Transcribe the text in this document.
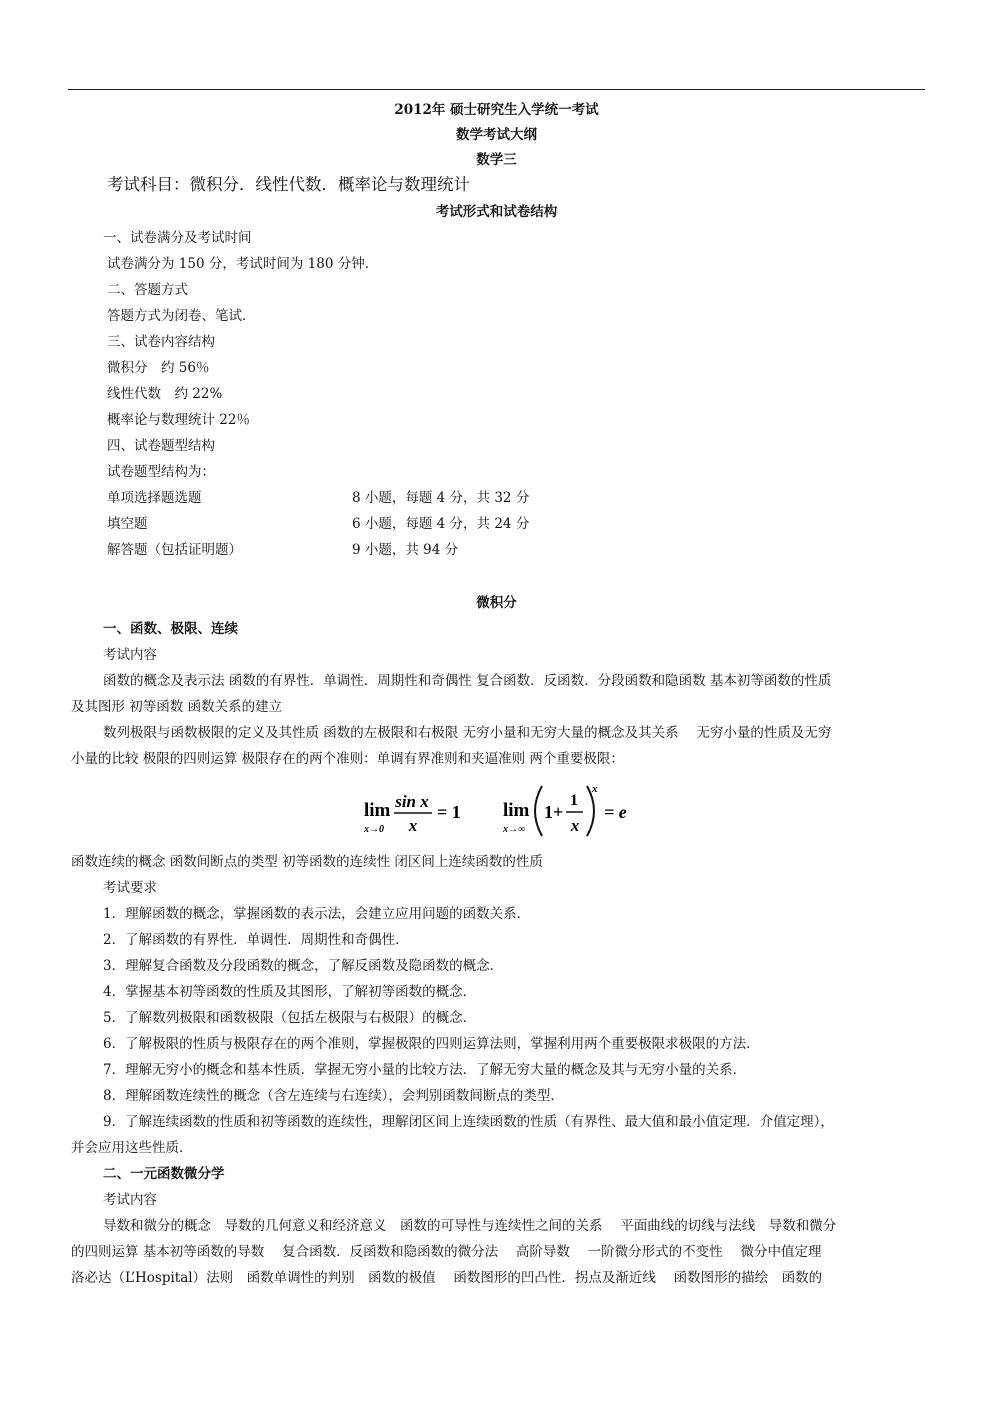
2012年 硕士研究生入学统一考试
数学考试大纲
数学三
考试科目：微积分．线性代数．概率论与数理统计
考试形式和试卷结构
一、试卷满分及考试时间
试卷满分为 150 分，考试时间为 180 分钟．
二、答题方式
答题方式为闭卷、笔试．
三、试卷内容结构
微积分　约 56％
线性代数　约 22%
概率论与数理统计 22％
四、试卷题型结构
试卷题型结构为：
单项选择题选题	8 小题，每题 4 分，共 32 分
填空题	6 小题，每题 4 分，共 24 分
解答题（包括证明题）	9 小题，共 94 分
微积分
一、函数、极限、连续
考试内容
函数的概念及表示法 函数的有界性．单调性．周期性和奇偶性 复合函数．反函数．分段函数和隐函数 基本初等函数的性质
及其图形 初等函数 函数关系的建立
数列极限与函数极限的定义及其性质 函数的左极限和右极限 无穷小量和无穷大量的概念及其关系　 无穷小量的性质及无穷
小量的比较 极限的四则运算 极限存在的两个准则：单调有界准则和夹逼准则 两个重要极限：
lim
x→0
sin x
x
= 1 lim
x→∞
1+
1
x
x
= e
函数连续的概念 函数间断点的类型 初等函数的连续性 闭区间上连续函数的性质
考试要求
1．理解函数的概念，掌握函数的表示法，会建立应用问题的函数关系．
2．了解函数的有界性．单调性．周期性和奇偶性．
3．理解复合函数及分段函数的概念，了解反函数及隐函数的概念．
4．掌握基本初等函数的性质及其图形，了解初等函数的概念．
5．了解数列极限和函数极限（包括左极限与右极限）的概念．
6．了解极限的性质与极限存在的两个准则，掌握极限的四则运算法则，掌握利用两个重要极限求极限的方法．
7．理解无穷小的概念和基本性质．掌握无穷小量的比较方法．了解无穷大量的概念及其与无穷小量的关系．
8．理解函数连续性的概念（含左连续与右连续），会判别函数间断点的类型．
9．了解连续函数的性质和初等函数的连续性，理解闭区间上连续函数的性质（有界性、最大值和最小值定理．介值定理），
并会应用这些性质．
二、一元函数微分学
考试内容
导数和微分的概念　导数的几何意义和经济意义　函数的可导性与连续性之间的关系　 平面曲线的切线与法线　导数和微分
的四则运算 基本初等函数的导数　 复合函数．反函数和隐函数的微分法　 高阶导数　 一阶微分形式的不变性　 微分中值定理
洛必达（L’Hospital）法则　函数单调性的判别　函数的极值　 函数图形的凹凸性．拐点及渐近线　 函数图形的描绘　函数的
